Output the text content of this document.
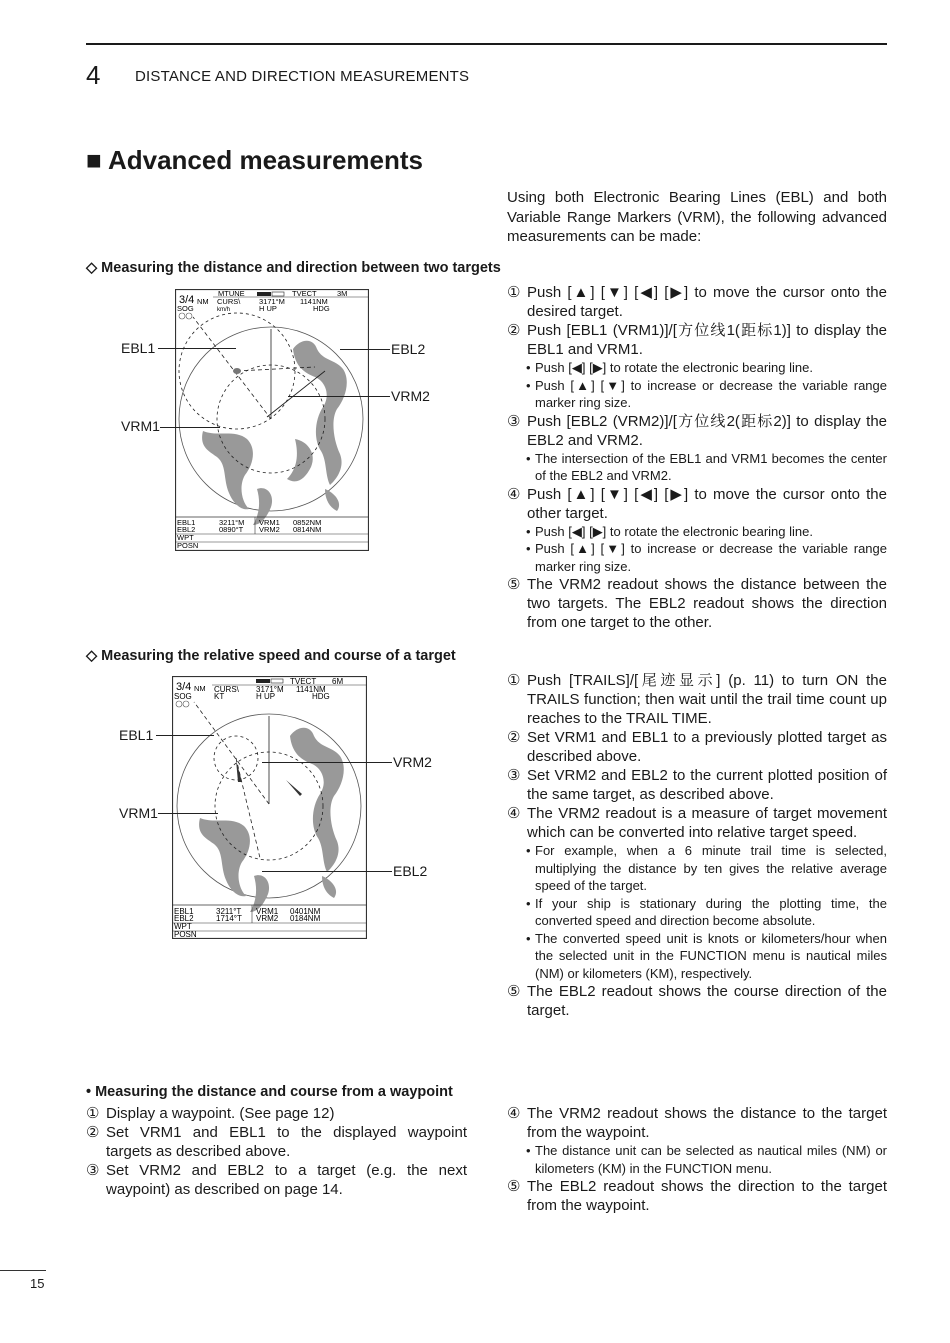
4 DISTANCE AND DIRECTION MEASUREMENTS
■ Advanced measurements
Using both Electronic Bearing Lines (EBL) and both Variable Range Markers (VRM), the following advanced measurements can be made:
◇ Measuring the distance and direction between two targets
3/4 NM
MTUNE	TVECT	3M
CURS\ 3171°M 1141NM
SOG	km/h	H UP	HDG
EBL1	3211°M VRM1 0852NM
EBL2	0890°T VRM2 0814NM
WPT
POSN
EBL1	EBL2
VRM2
VRM1
① Push [▲] [▼] [◀] [▶] to move the cursor onto the desired target.
② Push [EBL1 (VRM1)]/[方位线1(距标1)] to display the EBL1 and VRM1.
• Push [◀] [▶] to rotate the electronic bearing line.
• Push [▲] [▼] to increase or decrease the variable range marker ring size.
③ Push [EBL2 (VRM2)]/[方位线2(距标2)] to display the EBL2 and VRM2.
• The intersection of the EBL1 and VRM1 becomes the center of the EBL2 and VRM2.
④ Push [▲] [▼] [◀] [▶] to move the cursor onto the other target.
• Push [◀] [▶] to rotate the electronic bearing line.
• Push [▲] [▼] to increase or decrease the variable range marker ring size.
⑤ The VRM2 readout shows the distance between the two targets. The EBL2 readout shows the direction from one target to the other.
◇ Measuring the relative speed and course of a target
3/4 NM
TVECT 6M
CURS\ 3171°M 1141NM
SOG	KT	H UP	HDG
EBL1	3211°T VRM1 0401NM
EBL2	1714°T VRM2 0184NM
WPT
POSN
EBL1
VRM2
VRM1
EBL2
① Push [TRAILS]/[尾迹显示] (p. 11) to turn ON the TRAILS function; then wait until the trail time count up reaches to the TRAIL TIME.
② Set VRM1 and EBL1 to a previously plotted target as described above.
③ Set VRM2 and EBL2 to the current plotted position of the same target, as described above.
④ The VRM2 readout is a measure of target movement which can be converted into relative target speed.
• For example, when a 6 minute trail time is selected, multiplying the distance by ten gives the relative average speed of the target.
• If your ship is stationary during the plotting time, the converted speed and direction become absolute.
• The converted speed unit is knots or kilometers/hour when the selected unit in the FUNCTION menu is nautical miles (NM) or kilometers (KM), respectively.
⑤ The EBL2 readout shows the course direction of the target.
• Measuring the distance and course from a waypoint
① Display a waypoint. (See page 12)
② Set VRM1 and EBL1 to the displayed waypoint targets as described above.
③ Set VRM2 and EBL2 to a target (e.g. the next waypoint) as described on page 14.
④ The VRM2 readout shows the distance to the target from the waypoint.
• The distance unit can be selected as nautical miles (NM) or kilometers (KM) in the FUNCTION menu.
⑤ The EBL2 readout shows the direction to the target from the waypoint.
15
